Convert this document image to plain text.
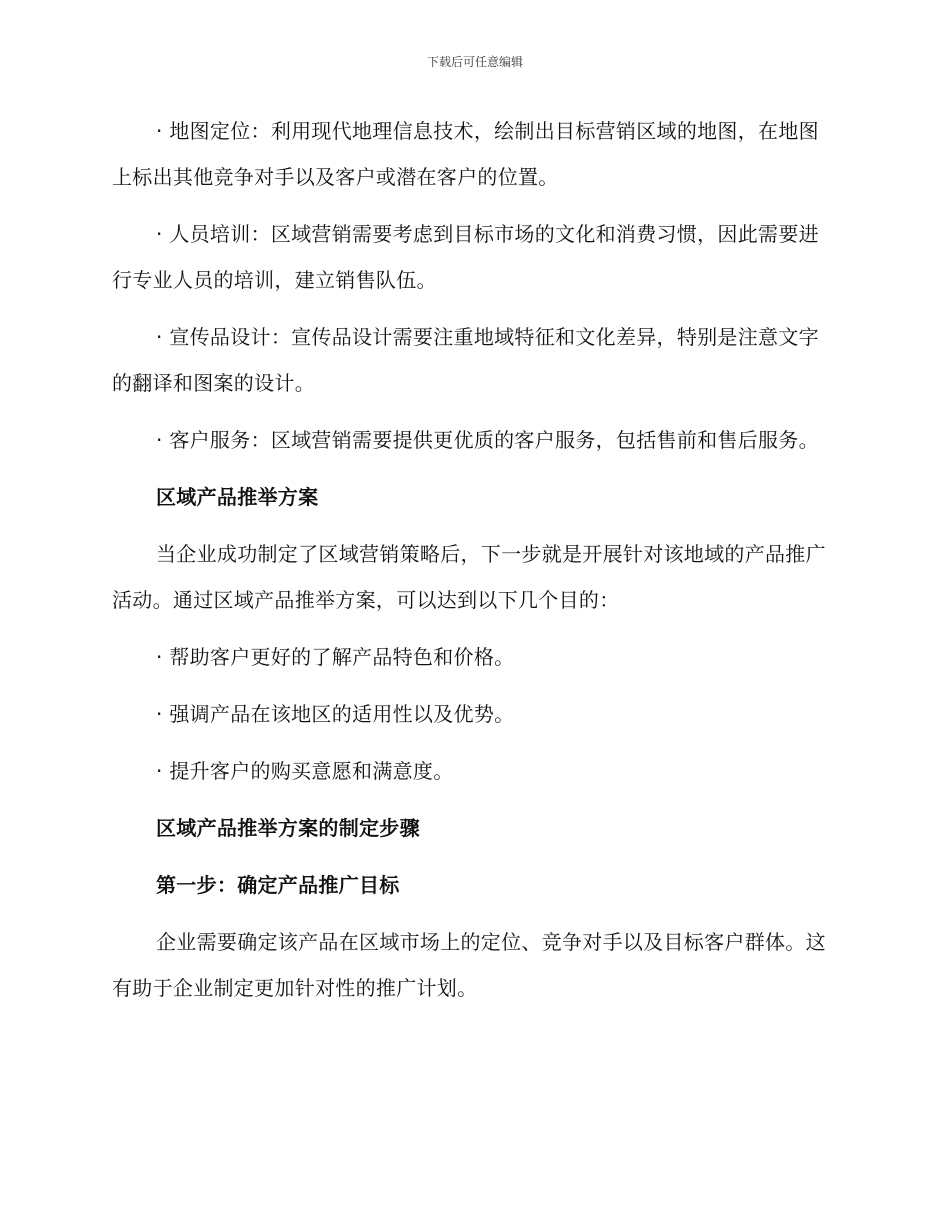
下载后可任意编辑

· 地图定位：利用现代地理信息技术，绘制出目标营销区域的地图，在地图上标出其他竞争对手以及客户或潜在客户的位置。

· 人员培训：区域营销需要考虑到目标市场的文化和消费习惯，因此需要进行专业人员的培训，建立销售队伍。

· 宣传品设计：宣传品设计需要注重地域特征和文化差异，特别是注意文字的翻译和图案的设计。

· 客户服务：区域营销需要提供更优质的客户服务，包括售前和售后服务。

区域产品推举方案

当企业成功制定了区域营销策略后，下一步就是开展针对该地域的产品推广活动。通过区域产品推举方案，可以达到以下几个目的：

· 帮助客户更好的了解产品特色和价格。

· 强调产品在该地区的适用性以及优势。

· 提升客户的购买意愿和满意度。

区域产品推举方案的制定步骤

第一步：确定产品推广目标

企业需要确定该产品在区域市场上的定位、竞争对手以及目标客户群体。这有助于企业制定更加针对性的推广计划。
